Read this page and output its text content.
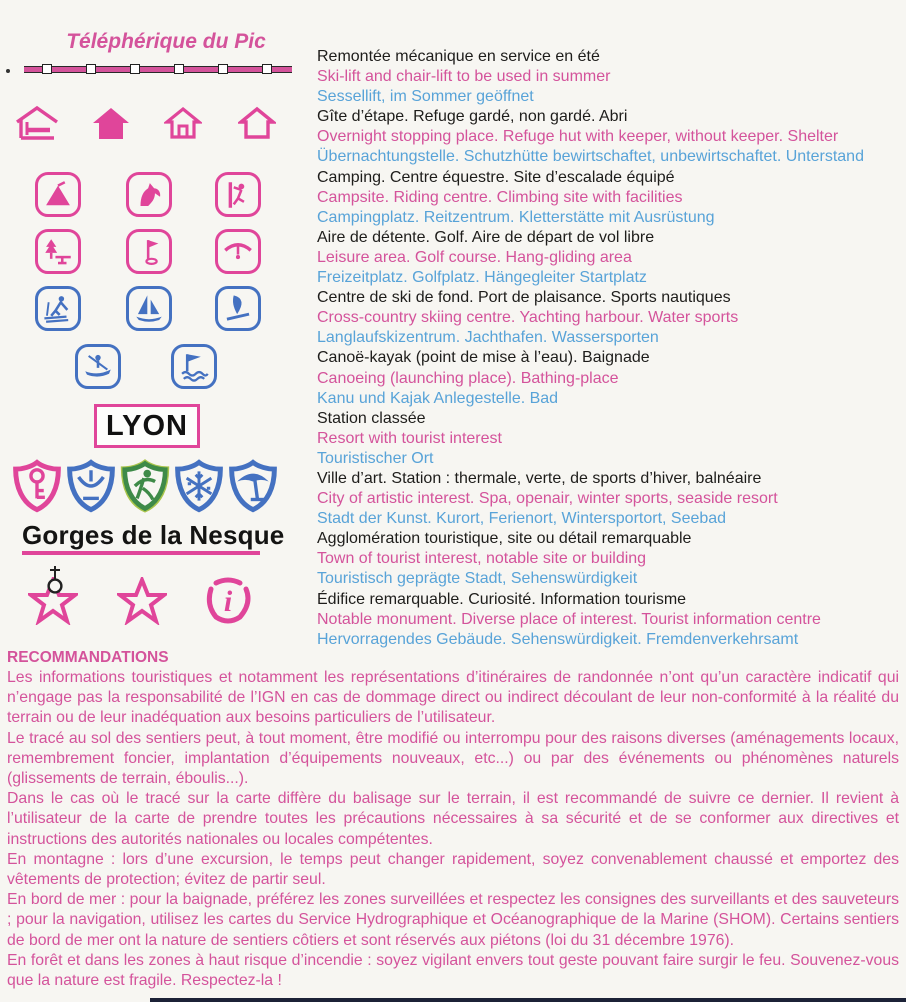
Téléphérique du Pic
LYON
Gorges de la Nesque
i
Remontée mécanique en service en été
Ski-lift and chair-lift to be used in summer
Sessellift, im Sommer geöffnet
Gîte d’étape. Refuge gardé, non gardé. Abri
Overnight stopping place. Refuge hut with keeper, without keeper. Shelter
Übernachtungstelle. Schutzhütte bewirtschaftet, unbewirtschaftet. Unterstand
Camping. Centre équestre. Site d’escalade équipé
Campsite. Riding centre. Climbing site with facilities
Campingplatz. Reitzentrum. Kletterstätte mit Ausrüstung
Aire de détente. Golf. Aire de départ de vol libre
Leisure area. Golf course. Hang-gliding area
Freizeitplatz. Golfplatz. Hängegleiter Startplatz
Centre de ski de fond. Port de plaisance. Sports nautiques
Cross-country skiing centre. Yachting harbour. Water sports
Langlaufskizentrum. Jachthafen. Wassersporten
Canoë-kayak (point de mise à l’eau). Baignade
Canoeing (launching place). Bathing-place
Kanu und Kajak Anlegestelle. Bad
Station classée
Resort with tourist interest
Touristischer Ort
Ville d’art. Station : thermale, verte, de sports d’hiver, balnéaire
City of artistic interest. Spa, openair, winter sports, seaside resort
Stadt der Kunst. Kurort, Ferienort, Wintersportort, Seebad
Agglomération touristique, site ou détail remarquable
Town of tourist interest, notable site or building
Touristisch geprägte Stadt, Sehenswürdigkeit
Édifice remarquable. Curiosité. Information tourisme
Notable monument. Diverse place of interest. Tourist information centre
Hervorragendes Gebäude. Sehenswürdigkeit. Fremdenverkehrsamt
RECOMMANDATIONS

Les informations touristiques et notamment les représentations d’itinéraires de randonnée n’ont qu’un caractère indicatif qui n’engage pas la responsabilité de l’IGN en cas de dommage direct ou indirect découlant de leur non-conformité à la réalité du terrain ou de leur inadéquation aux besoins particuliers de l’utilisateur.

Le tracé au sol des sentiers peut, à tout moment, être modifié ou interrompu pour des raisons diverses (aménagements locaux, remembrement foncier, implantation d’équipements nouveaux, etc...) ou par des événements ou phénomènes naturels (glissements de terrain, éboulis...).

Dans le cas où le tracé sur la carte diffère du balisage sur le terrain, il est recommandé de suivre ce dernier. Il revient à l’utilisateur de la carte de prendre toutes les précautions nécessaires à sa sécurité et de se conformer aux directives et instructions des autorités nationales ou locales compétentes.

En montagne : lors d’une excursion, le temps peut changer rapidement, soyez convenablement chaussé et emportez des vêtements de protection; évitez de partir seul.

En bord de mer : pour la baignade, préférez les zones surveillées et respectez les consignes des surveillants et des sauveteurs ; pour la navigation, utilisez les cartes du Service Hydrographique et Océanographique de la Marine (SHOM). Certains sentiers de bord de mer ont la nature de sentiers côtiers et sont réservés aux piétons (loi du 31 décembre 1976).

En forêt et dans les zones à haut risque d’incendie : soyez vigilant envers tout geste pouvant faire surgir le feu. Souvenez-vous que la nature est fragile. Respectez-la !
